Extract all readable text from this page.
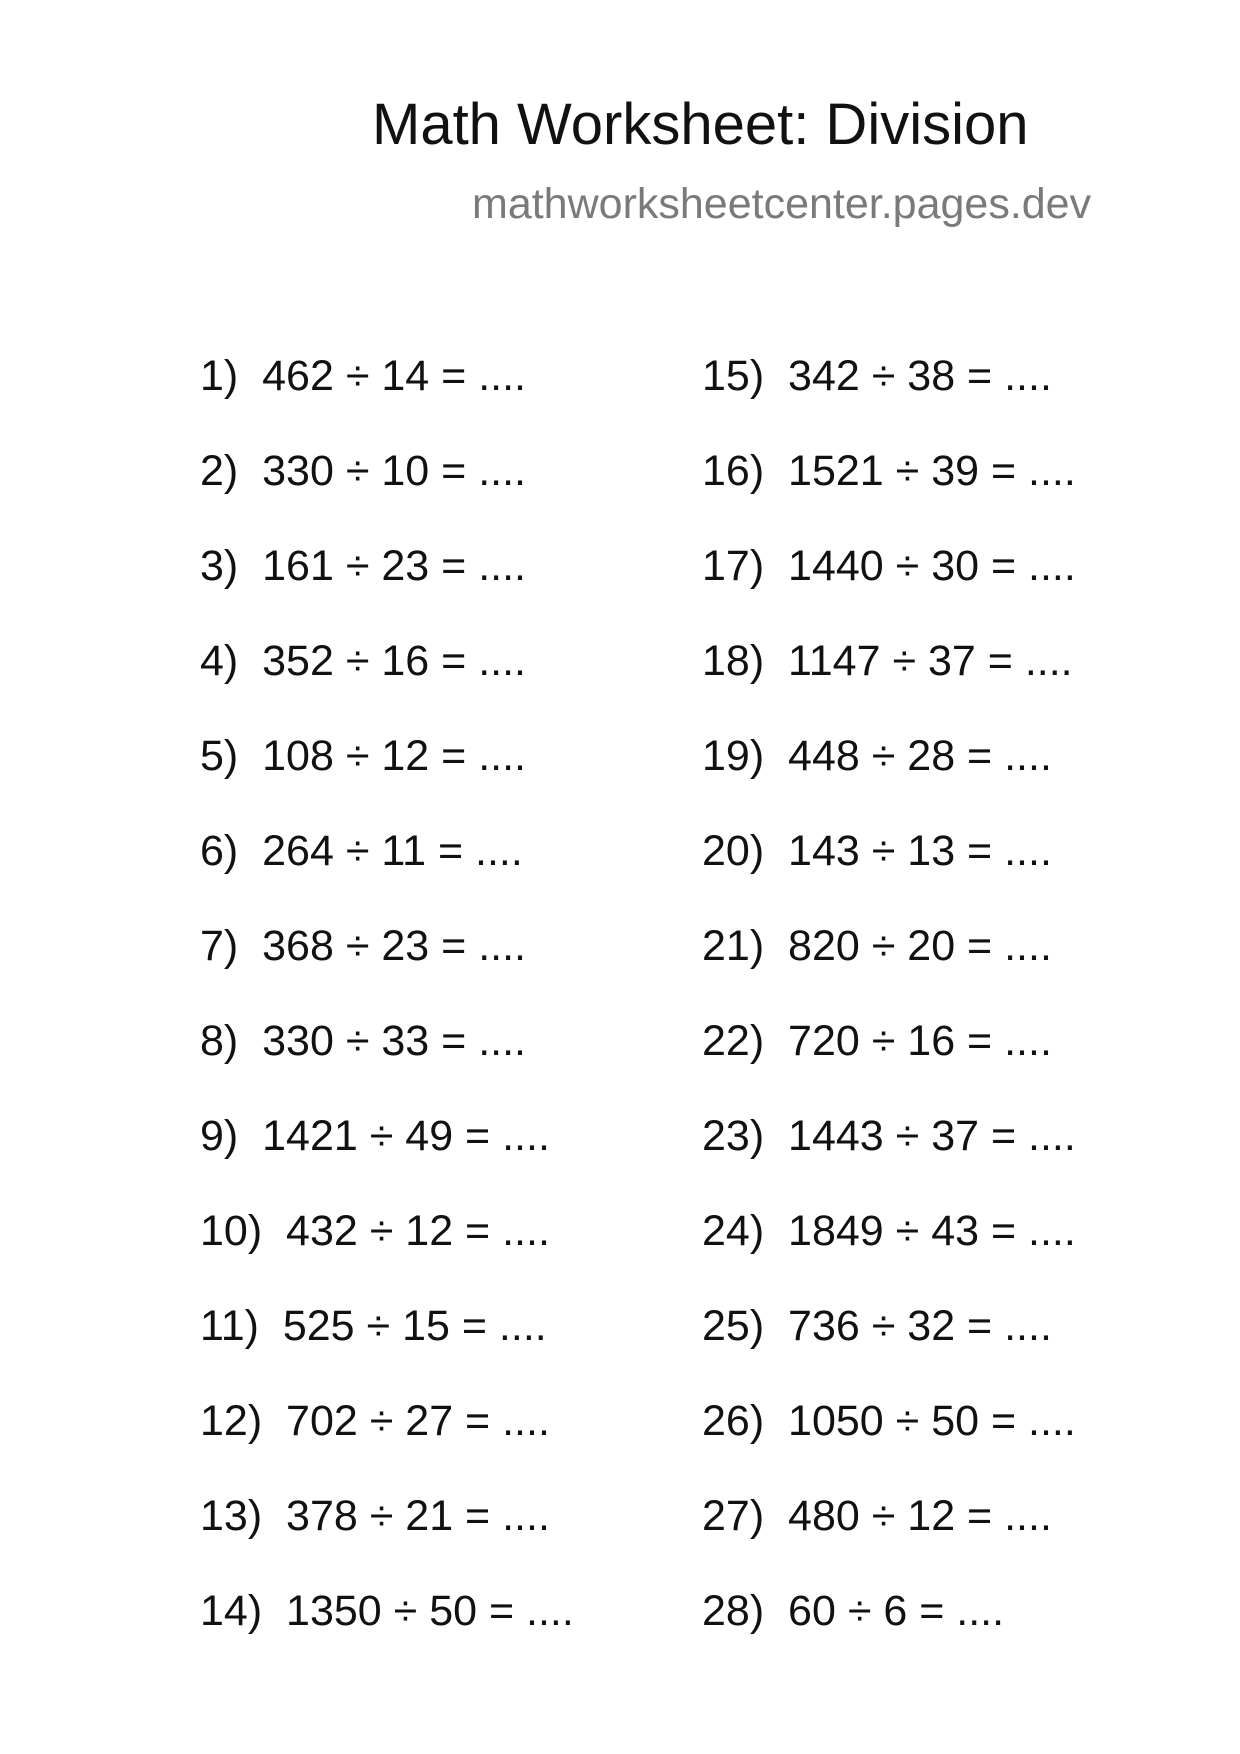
Math Worksheet: Division
mathworksheetcenter.pages.dev
1)  462 ÷ 14 = ....
2)  330 ÷ 10 = ....
3)  161 ÷ 23 = ....
4)  352 ÷ 16 = ....
5)  108 ÷ 12 = ....
6)  264 ÷ 11 = ....
7)  368 ÷ 23 = ....
8)  330 ÷ 33 = ....
9)  1421 ÷ 49 = ....
10)  432 ÷ 12 = ....
11)  525 ÷ 15 = ....
12)  702 ÷ 27 = ....
13)  378 ÷ 21 = ....
14)  1350 ÷ 50 = ....
15)  342 ÷ 38 = ....
16)  1521 ÷ 39 = ....
17)  1440 ÷ 30 = ....
18)  1147 ÷ 37 = ....
19)  448 ÷ 28 = ....
20)  143 ÷ 13 = ....
21)  820 ÷ 20 = ....
22)  720 ÷ 16 = ....
23)  1443 ÷ 37 = ....
24)  1849 ÷ 43 = ....
25)  736 ÷ 32 = ....
26)  1050 ÷ 50 = ....
27)  480 ÷ 12 = ....
28)  60 ÷ 6 = ....
